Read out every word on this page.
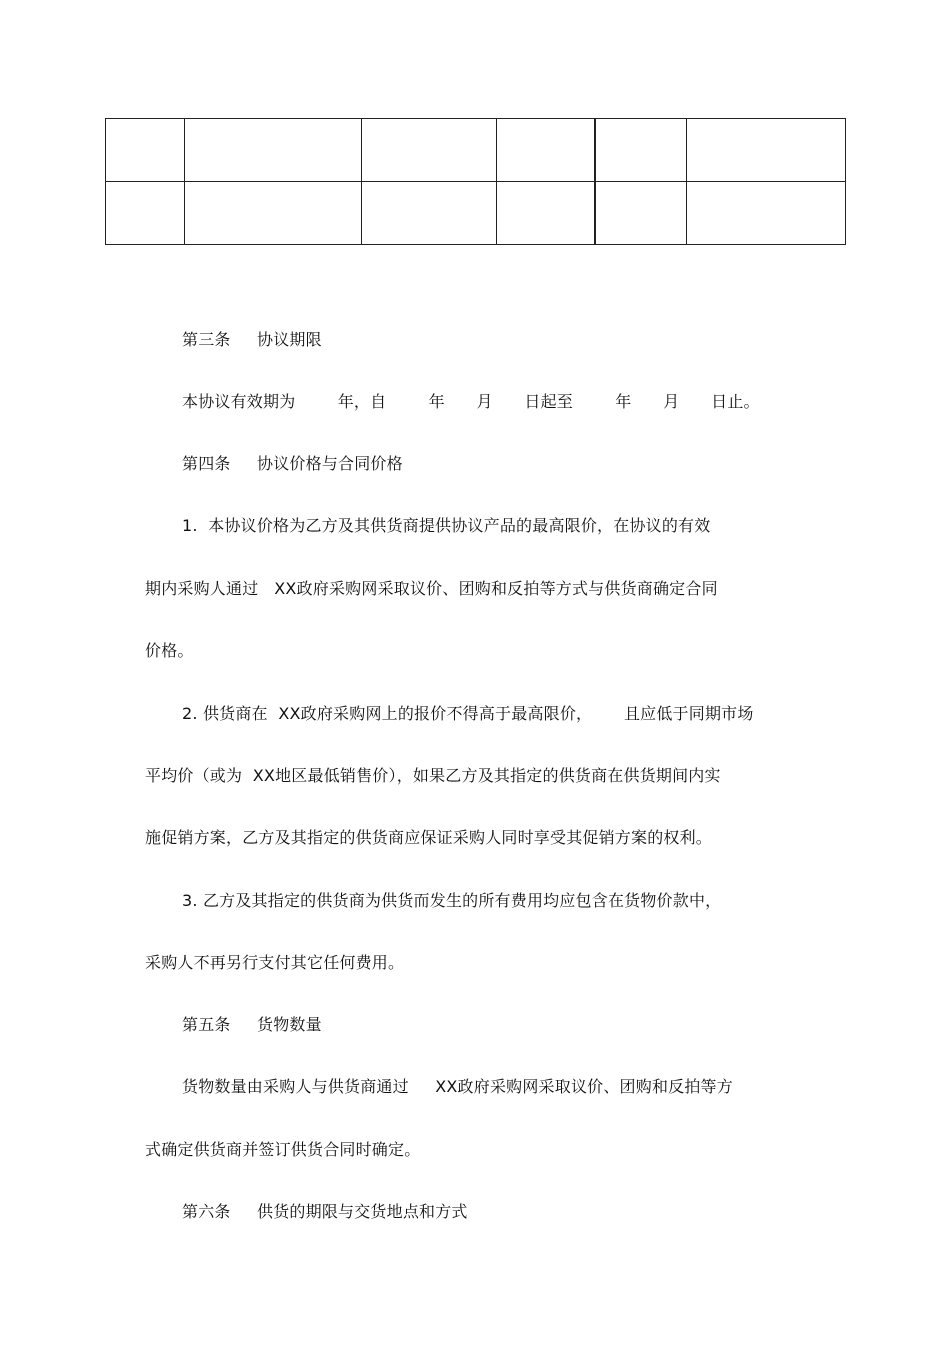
第三条     协议期限
本协议有效期为        年，自        年      月      日起至        年      月      日止。
第四条     协议价格与合同价格
1.  本协议价格为乙方及其供货商提供协议产品的最高限价，在协议的有效
期内采购人通过   XX政府采购网采取议价、团购和反拍等方式与供货商确定合同
价格。
2. 供货商在  XX政府采购网上的报价不得高于最高限价，      且应低于同期市场
平均价（或为  XX地区最低销售价），如果乙方及其指定的供货商在供货期间内实
施促销方案，乙方及其指定的供货商应保证采购人同时享受其促销方案的权利。
3. 乙方及其指定的供货商为供货而发生的所有费用均应包含在货物价款中，
采购人不再另行支付其它任何费用。
第五条     货物数量
货物数量由采购人与供货商通过     XX政府采购网采取议价、团购和反拍等方
式确定供货商并签订供货合同时确定。
第六条     供货的期限与交货地点和方式
